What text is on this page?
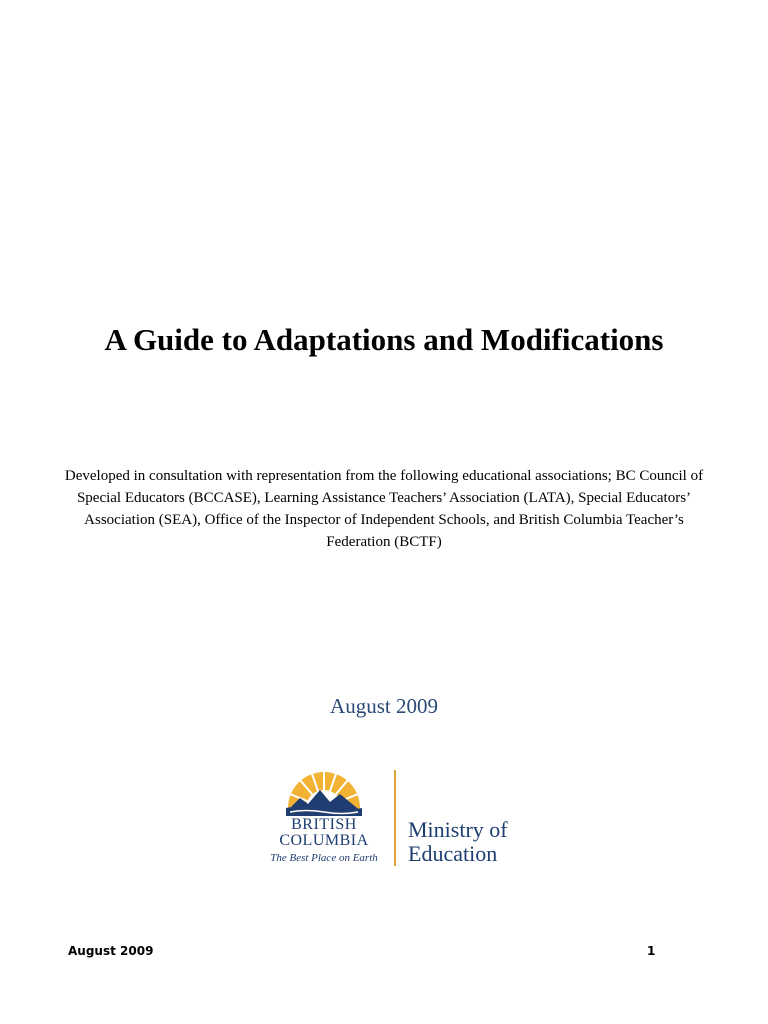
A Guide to Adaptations and Modifications

Developed in consultation with representation from the following educational associations; BC Council of Special Educators (BCCASE), Learning Assistance Teachers’ Association (LATA), Special Educators’ Association (SEA), Office of the Inspector of Independent Schools, and British Columbia Teacher’s Federation (BCTF)

August 2009
BRITISH
COLUMBIA
The Best Place on Earth
Ministry of
Education
August 2009	1
